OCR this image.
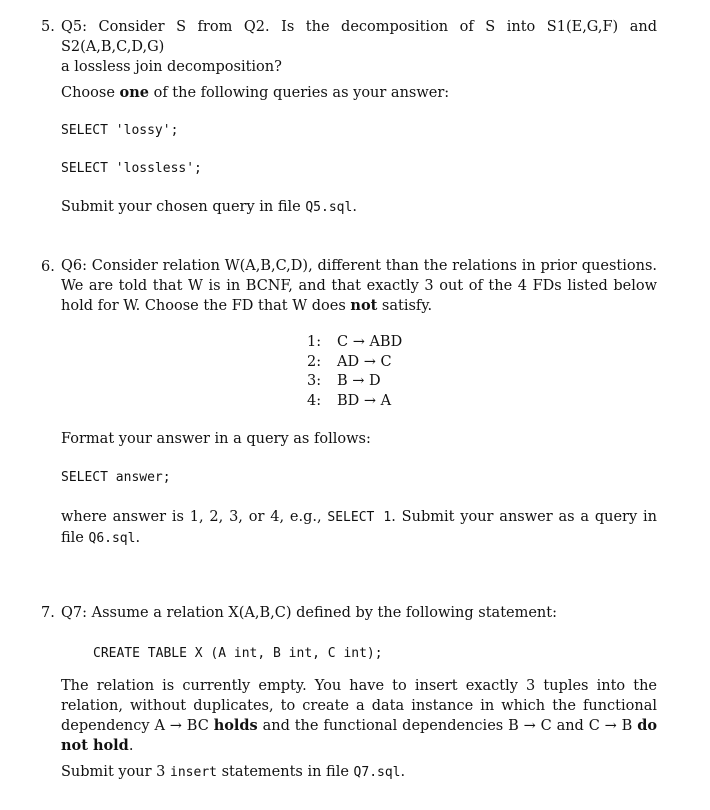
5. Q5: Consider S from Q2. Is the decomposition of S into S1(E,G,F) and S2(A,B,C,D,G)
a lossless join decomposition?

Choose one of the following queries as your answer:

SELECT 'lossy';

SELECT 'lossless';

Submit your chosen query in file Q5.sql.

6. Q6: Consider relation W(A,B,C,D), different than the relations in prior questions. We are told that W is in BCNF, and that exactly 3 out of the 4 FDs listed below hold for W. Choose the FD that W does not satisfy.

1:	C → ABD
2:	AD → C
3:	B → D
4:	BD → A

Format your answer in a query as follows:

SELECT answer;

where answer is 1, 2, 3, or 4, e.g., SELECT 1. Submit your answer as a query in file Q6.sql.

7. Q7: Assume a relation X(A,B,C) defined by the following statement:

CREATE TABLE X (A int, B int, C int);

The relation is currently empty. You have to insert exactly 3 tuples into the relation, without duplicates, to create a data instance in which the functional dependency A → BC holds and the functional dependencies B → C and C → B do not hold.

Submit your 3 insert statements in file Q7.sql.
